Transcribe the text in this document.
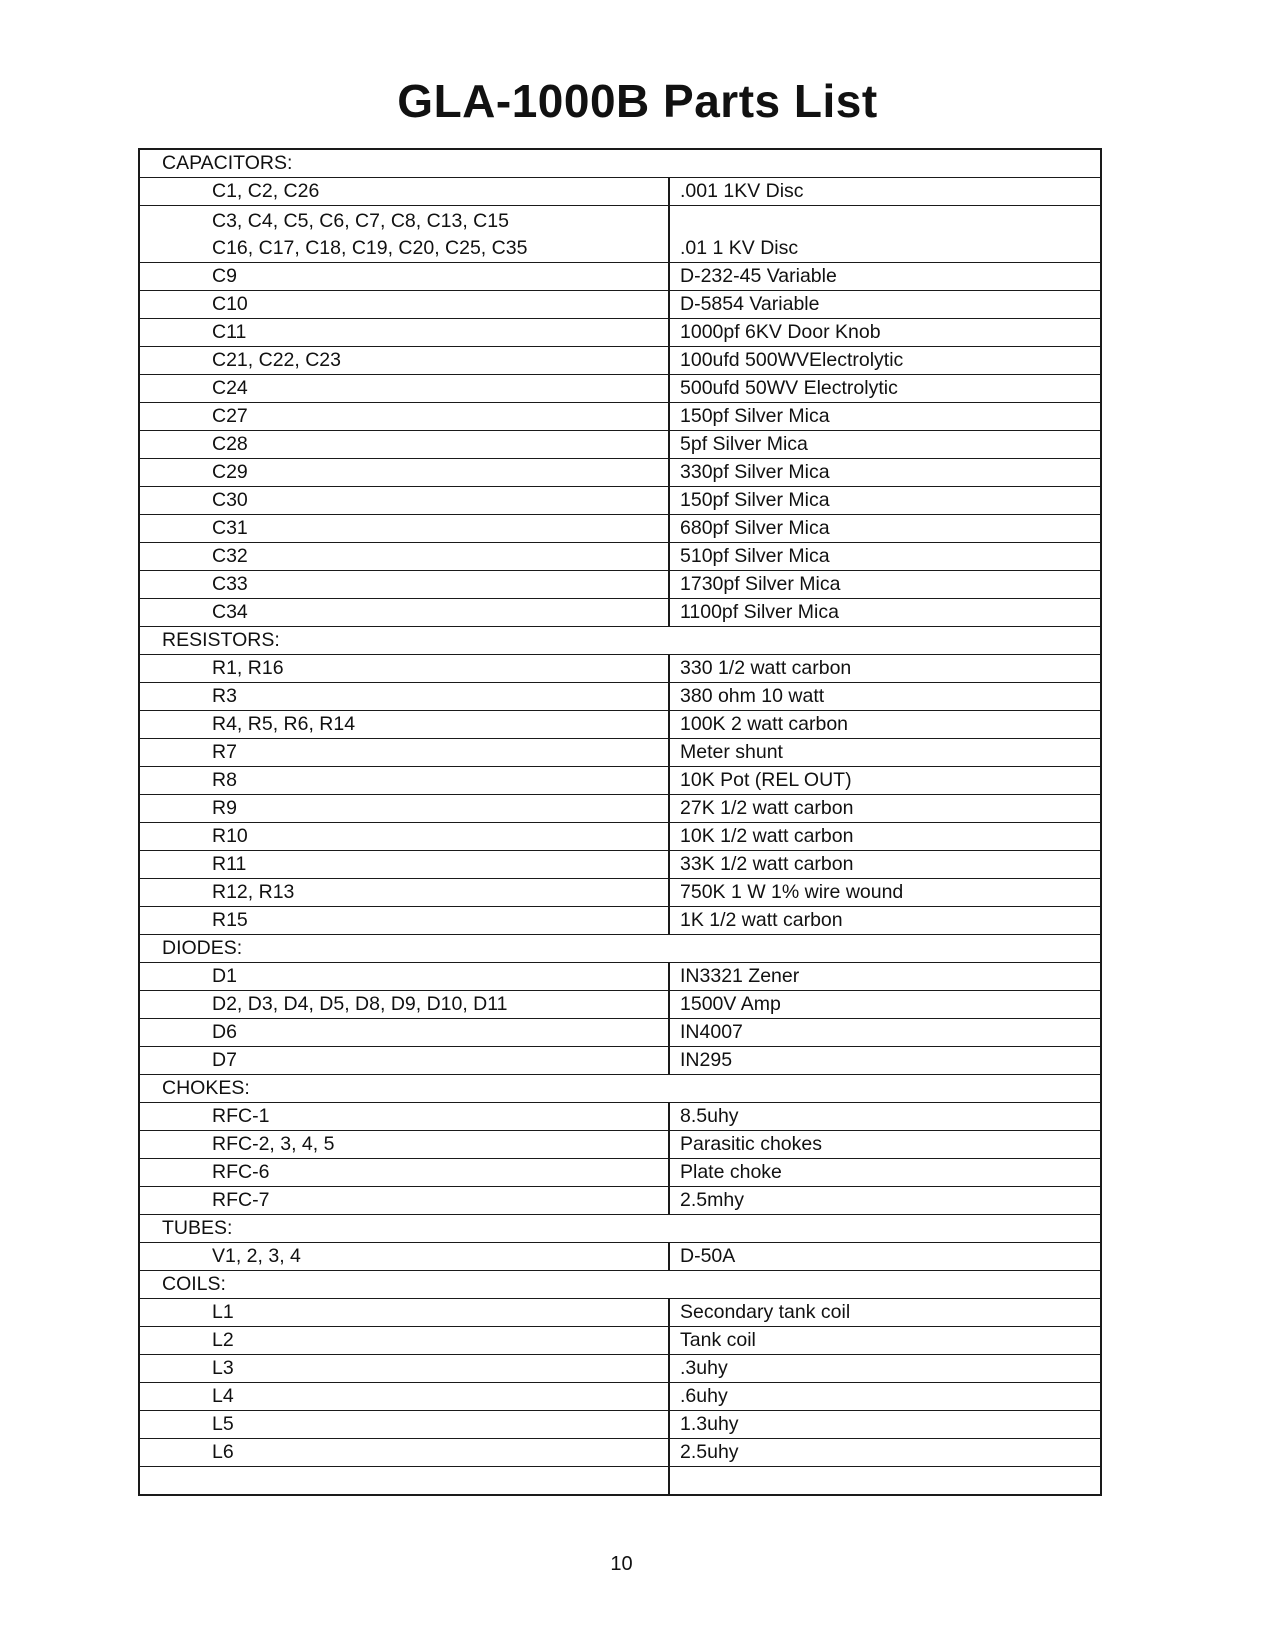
GLA-1000B Parts List
CAPACITORS:	
C1, C2, C26	.001 1KV Disc

C3, C4, C5, C6, C7, C8, C13, C15
C16, C17, C18, C19, C20, C25, C35	.01 1 KV Disc
C9	D-232-45 Variable
C10	D-5854 Variable
C11	1000pf 6KV Door Knob
C21, C22, C23	100ufd 500WVElectrolytic
C24	500ufd 50WV Electrolytic
C27	150pf Silver Mica
C28	5pf Silver Mica
C29	330pf Silver Mica
C30	150pf Silver Mica
C31	680pf Silver Mica
C32	510pf Silver Mica
C33	1730pf Silver Mica
C34	1100pf Silver Mica
RESISTORS:	
R1, R16	330 1/2 watt carbon
R3	380 ohm 10 watt
R4, R5, R6, R14	100K 2 watt carbon
R7	Meter shunt
R8	10K Pot (REL OUT)
R9	27K 1/2 watt carbon
R10	10K 1/2 watt carbon
R11	33K 1/2 watt carbon
R12, R13	750K 1 W 1% wire wound
R15	1K 1/2 watt carbon
DIODES:	
D1	IN3321 Zener
D2, D3, D4, D5, D8, D9, D10, D11	1500V Amp
D6	IN4007
D7	IN295
CHOKES:	
RFC-1	8.5uhy
RFC-2, 3, 4, 5	Parasitic chokes
RFC-6	Plate choke
RFC-7	2.5mhy
TUBES:	
V1, 2, 3, 4	D-50A
COILS:	
L1	Secondary tank coil
L2	Tank coil
L3	.3uhy
L4	.6uhy
L5	1.3uhy
L6	2.5uhy

10
